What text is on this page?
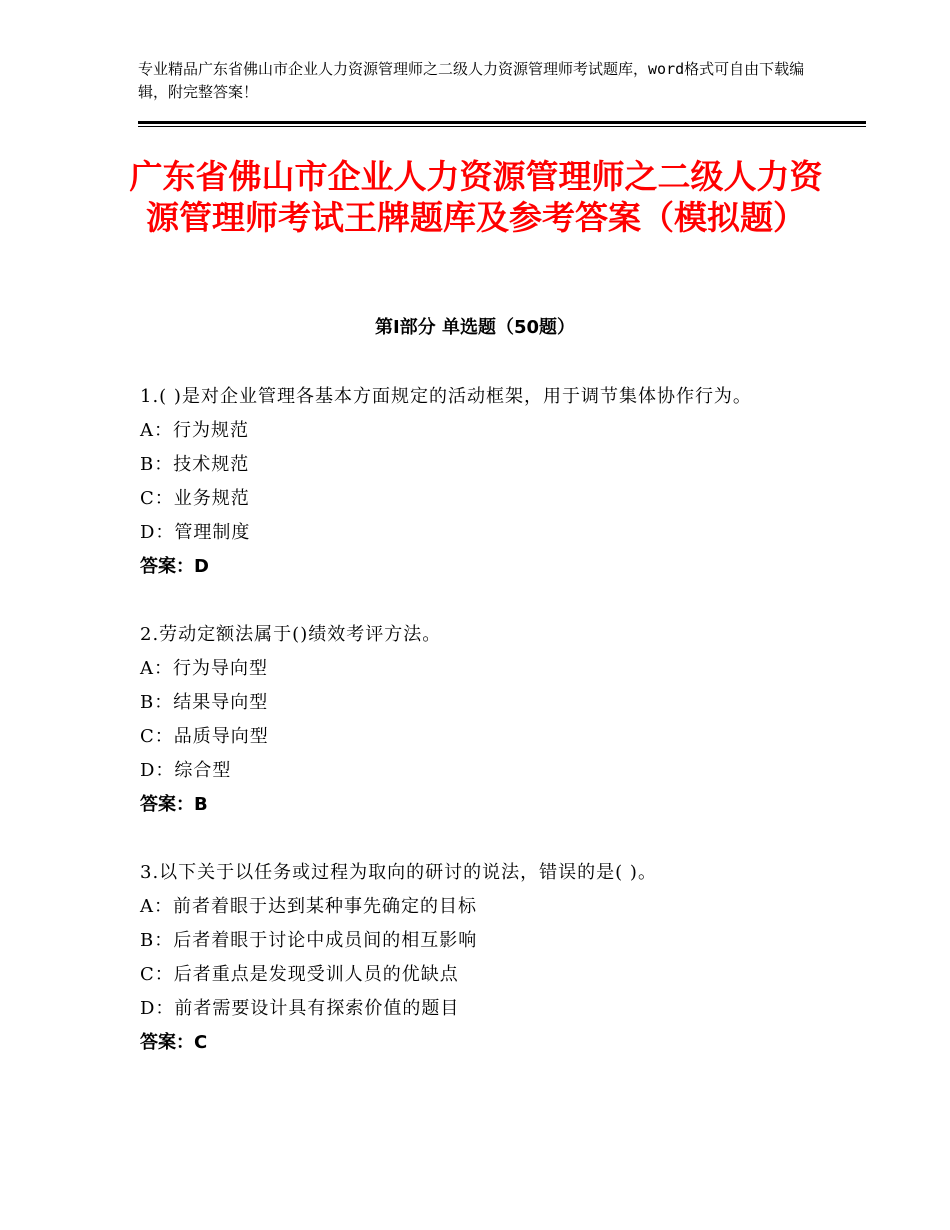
专业精品广东省佛山市企业人力资源管理师之二级人力资源管理师考试题库，word格式可自由下载编辑，附完整答案！
广东省佛山市企业人力资源管理师之二级人力资源管理师考试王牌题库及参考答案（模拟题）
第Ⅰ部分 单选题（50题）
1.( )是对企业管理各基本方面规定的活动框架，用于调节集体协作行为。
A：行为规范
B：技术规范
C：业务规范
D：管理制度
答案：D
2.劳动定额法属于()绩效考评方法。
A：行为导向型
B：结果导向型
C：品质导向型
D：综合型
答案：B
3.以下关于以任务或过程为取向的研讨的说法，错误的是( )。
A：前者着眼于达到某种事先确定的目标
B：后者着眼于讨论中成员间的相互影响
C：后者重点是发现受训人员的优缺点
D：前者需要设计具有探索价值的题目
答案：C
